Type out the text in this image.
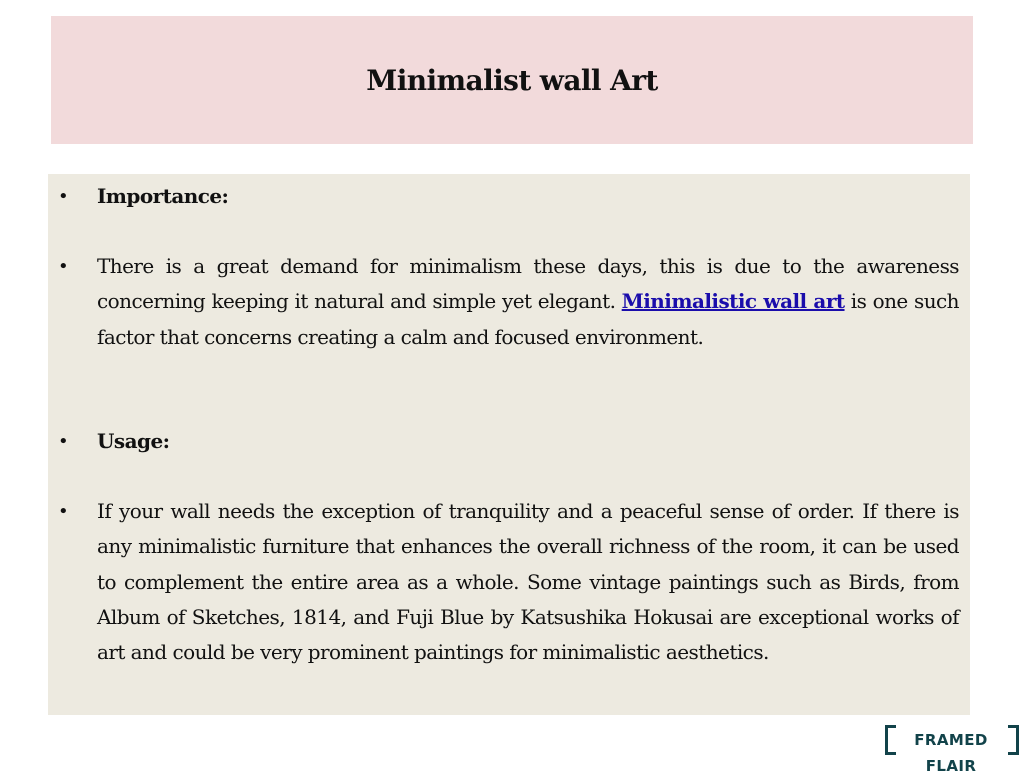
Minimalist wall Art
• Importance:
• There is a great demand for minimalism these days, this is due to the awareness concerning keeping it natural and simple yet elegant. Minimalistic wall art is one such factor that concerns creating a calm and focused environment.
• Usage:
• If your wall needs the exception of tranquility and a peaceful sense of order. If there is any minimalistic furniture that enhances the overall richness of the room, it can be used to complement the entire area as a whole. Some vintage paintings such as Birds, from Album of Sketches, 1814, and Fuji Blue by Katsushika Hokusai are exceptional works of art and could be very prominent paintings for minimalistic aesthetics.
FRAMED FLAIR
